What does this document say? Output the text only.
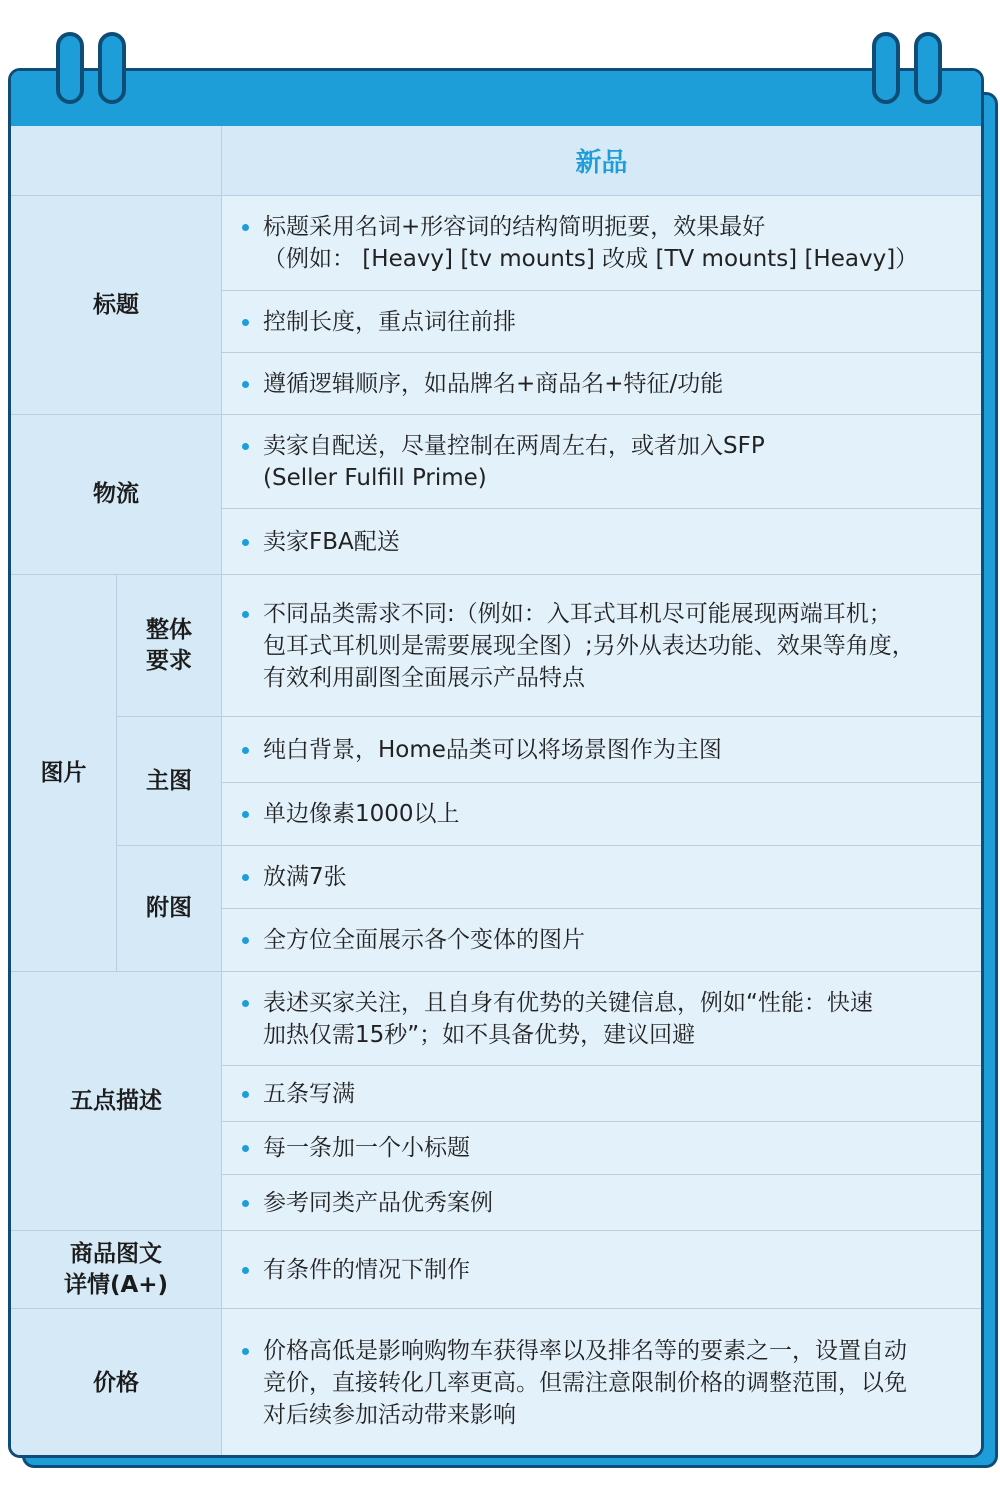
新品
标题
标题采用名词+形容词的结构简明扼要，效果最好
（例如： [Heavy] [tv mounts] 改成 [TV mounts] [Heavy]）
控制长度，重点词往前排
遵循逻辑顺序，如品牌名+商品名+特征/功能
物流
卖家自配送，尽量控制在两周左右，或者加入SFP
(Seller Fulfill Prime)
卖家FBA配送
图片
整体
要求
不同品类需求不同:（例如：入耳式耳机尽可能展现两端耳机；
包耳式耳机则是需要展现全图）;另外从表达功能、效果等角度，
有效利用副图全面展示产品特点
主图
纯白背景，Home品类可以将场景图作为主图
单边像素1000以上
附图
放满7张
全方位全面展示各个变体的图片
五点描述
表述买家关注，且自身有优势的关键信息，例如“性能：快速
加热仅需15秒”；如不具备优势，建议回避
五条写满
每一条加一个小标题
参考同类产品优秀案例
商品图文
详情(A+)
有条件的情况下制作
价格
价格高低是影响购物车获得率以及排名等的要素之一，设置自动
竞价，直接转化几率更高。但需注意限制价格的调整范围，以免
对后续参加活动带来影响
